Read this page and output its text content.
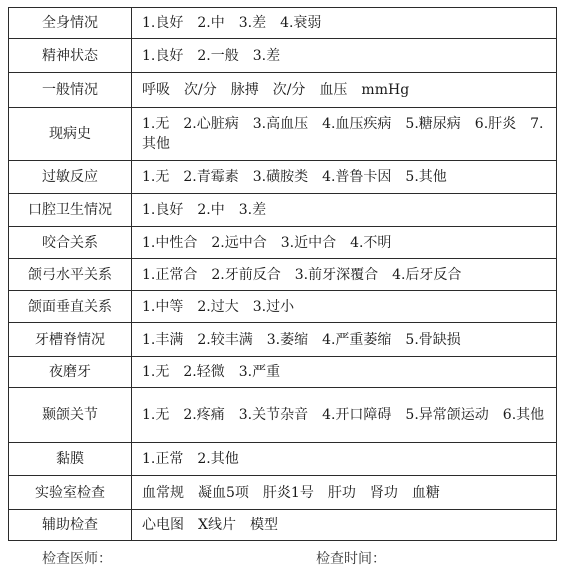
全身情况	1.良好　2.中　3.差　4.衰弱
精神状态	1.良好　2.一般　3.差
一般情况	呼吸　次/分　脉搏　次/分　血压　mmHg
现病史	1.无　2.心脏病　3.高血压　4.血压疾病　5.糖尿病　6.肝炎　7.其他
过敏反应	1.无　2.青霉素　3.磺胺类　4.普鲁卡因　5.其他
口腔卫生情况	1.良好　2.中　3.差
咬合关系	1.中性合　2.远中合　3.近中合　4.不明
颌弓水平关系	1.正常合　2.牙前反合　3.前牙深覆合　4.后牙反合
颌面垂直关系	1.中等　2.过大　3.过小
牙槽脊情况	1.丰满　2.较丰满　3.萎缩　4.严重萎缩　5.骨缺损
夜磨牙	1.无　2.轻微　3.严重
颞颌关节	1.无　2.疼痛　3.关节杂音　4.开口障碍　5.异常颌运动　6.其他
黏膜	1.正常　2.其他
实验室检查	血常规　凝血5项　肝炎1号　肝功　肾功　血糖
辅助检查	心电图　X线片　模型
检查医师：	检查时间：
